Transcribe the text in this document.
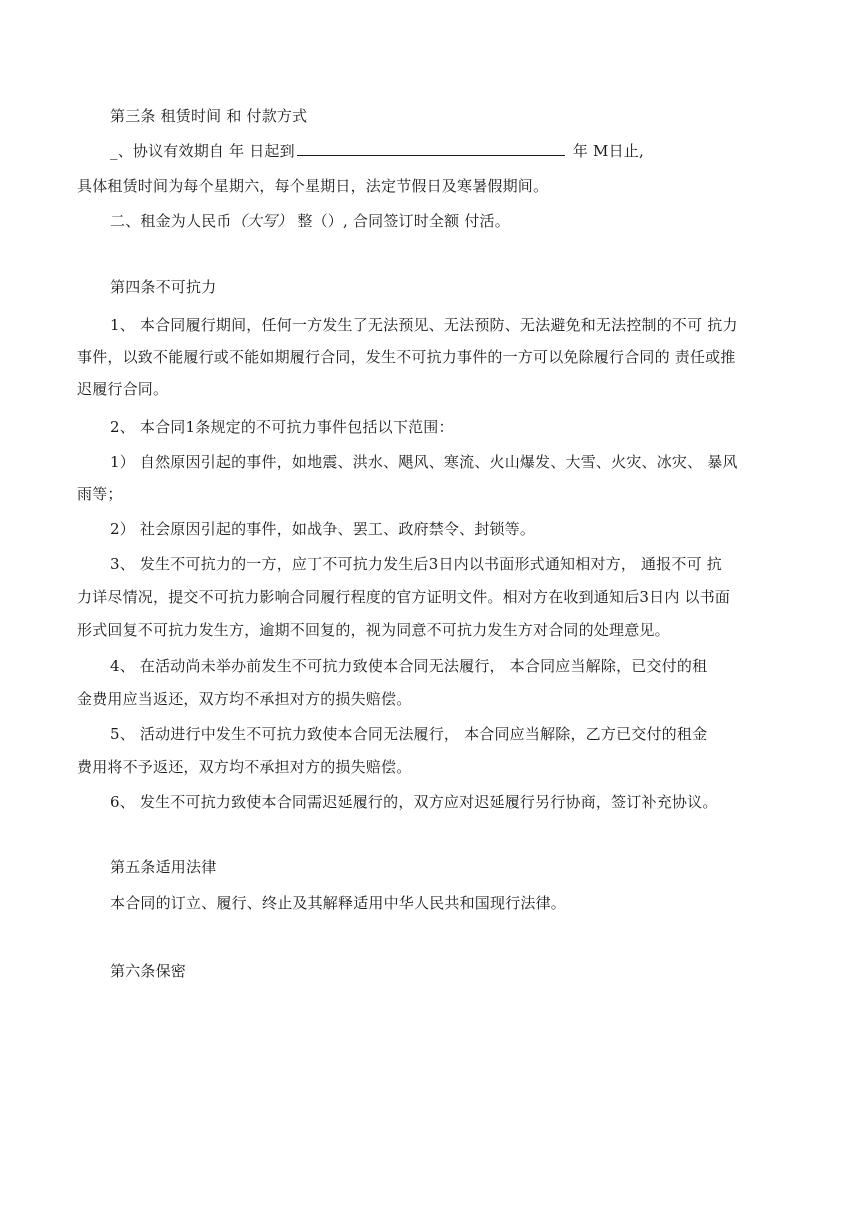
第三条 租赁时间 和 付款方式
_、协议有效期自 年 日起到	年 M日止,
具体租赁时间为每个星期六，每个星期日，法定节假日及寒暑假期间。
二、租金为人民币（大写） 整（）, 合同签订时全额 付活。
第四条不可抗力
1、 本合同履行期间，任何一方发生了无法预见、无法预防、无法避免和无法控制的不可 抗力
事件，以致不能履行或不能如期履行合同，发生不可抗力事件的一方可以免除履行合同的 责任或推
迟履行合同。
2、 本合同1条规定的不可抗力事件包括以下范围：
1） 自然原因引起的事件，如地震、洪水、飓风、寒流、火山爆发、大雪、火灾、冰灾、 暴风
雨等；
2） 社会原因引起的事件，如战争、罢工、政府禁令、封锁等。
3、 发生不可抗力的一方，应丁不可抗力发生后3日内以书面形式通知相对方， 通报不可 抗
力详尽情况，提交不可抗力影响合同履行程度的官方证明文件。相对方在收到通知后3日内 以书面
形式回复不可抗力发生方，逾期不回复的，视为同意不可抗力发生方对合同的处理意见。
4、 在活动尚未举办前发生不可抗力致使本合同无法履行， 本合同应当解除，已交付的租
金费用应当返还，双方均不承担对方的损失赔偿。
5、 活动进行中发生不可抗力致使本合同无法履行， 本合同应当解除，乙方已交付的租金
费用将不予返还，双方均不承担对方的损失赔偿。
6、 发生不可抗力致使本合同需迟延履行的，双方应对迟延履行另行协商，签订补充协议。
第五条适用法律
本合同的订立、履行、终止及其解释适用中华人民共和国现行法律。
第六条保密
